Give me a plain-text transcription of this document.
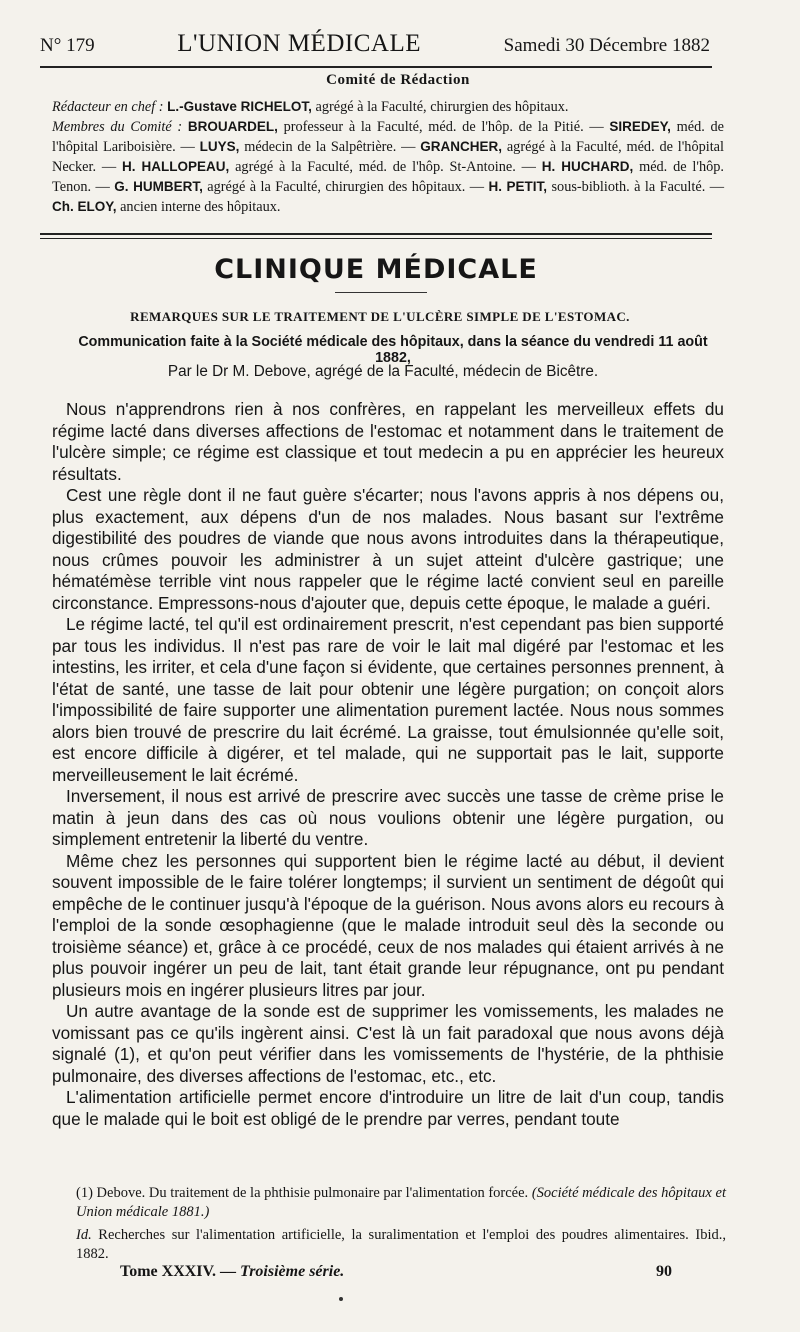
N° 179	L'UNION MÉDICALE	Samedi 30 Décembre 1882
Comité de Rédaction

Rédacteur en chef : L.-Gustave RICHELOT, agrégé à la Faculté, chirurgien des hôpitaux.

Membres du Comité : BROUARDEL, professeur à la Faculté, méd. de l'hôp. de la Pitié. — SIREDEY, méd. de l'hôpital Lariboisière. — LUYS, médecin de la Salpêtrière. — GRANCHER, agrégé à la Faculté, méd. de l'hôpital Necker. — H. HALLOPEAU, agrégé à la Faculté, méd. de l'hôp. St-Antoine. — H. HUCHARD, méd. de l'hôp. Tenon. — G. HUMBERT, agrégé à la Faculté, chirurgien des hôpitaux. — H. PETIT, sous-biblioth. à la Faculté. — Ch. ELOY, ancien interne des hôpitaux.

CLINIQUE MÉDICALE
REMARQUES SUR LE TRAITEMENT DE L'ULCÈRE SIMPLE DE L'ESTOMAC.
Communication faite à la Société médicale des hôpitaux, dans la séance du vendredi 11 août 1882,
Par le Dr M. Debove, agrégé de la Faculté, médecin de Bicêtre.

Nous n'apprendrons rien à nos confrères, en rappelant les merveilleux effets du régime lacté dans diverses affections de l'estomac et notamment dans le traitement de l'ulcère simple; ce régime est classique et tout medecin a pu en apprécier les heureux résultats.

Cest une règle dont il ne faut guère s'écarter; nous l'avons appris à nos dépens ou, plus exactement, aux dépens d'un de nos malades. Nous basant sur l'extrême digestibilité des poudres de viande que nous avons introduites dans la thérapeutique, nous crûmes pouvoir les administrer à un sujet atteint d'ulcère gastrique; une hématémèse terrible vint nous rappeler que le régime lacté convient seul en pareille circonstance. Empressons-nous d'ajouter que, depuis cette époque, le malade a guéri.

Le régime lacté, tel qu'il est ordinairement prescrit, n'est cependant pas bien supporté par tous les individus. Il n'est pas rare de voir le lait mal digéré par l'estomac et les intestins, les irriter, et cela d'une façon si évidente, que certaines personnes prennent, à l'état de santé, une tasse de lait pour obtenir une légère purgation; on conçoit alors l'impossibilité de faire supporter une alimentation purement lactée. Nous nous sommes alors bien trouvé de prescrire du lait écrémé. La graisse, tout émulsionnée qu'elle soit, est encore difficile à digérer, et tel malade, qui ne supportait pas le lait, supporte merveilleusement le lait écrémé.

Inversement, il nous est arrivé de prescrire avec succès une tasse de crème prise le matin à jeun dans des cas où nous voulions obtenir une légère purgation, ou simplement entretenir la liberté du ventre.

Même chez les personnes qui supportent bien le régime lacté au début, il devient souvent impossible de le faire tolérer longtemps; il survient un sentiment de dégoût qui empêche de le continuer jusqu'à l'époque de la guérison. Nous avons alors eu recours à l'emploi de la sonde œsophagienne (que le malade introduit seul dès la seconde ou troisième séance) et, grâce à ce procédé, ceux de nos malades qui étaient arrivés à ne plus pouvoir ingérer un peu de lait, tant était grande leur répugnance, ont pu pendant plusieurs mois en ingérer plusieurs litres par jour.

Un autre avantage de la sonde est de supprimer les vomissements, les malades ne vomissant pas ce qu'ils ingèrent ainsi. C'est là un fait paradoxal que nous avons déjà signalé (1), et qu'on peut vérifier dans les vomissements de l'hystérie, de la phthisie pulmonaire, des diverses affections de l'estomac, etc., etc.

L'alimentation artificielle permet encore d'introduire un litre de lait d'un coup, tandis que le malade qui le boit est obligé de le prendre par verres, pendant toute

(1) Debove. Du traitement de la phthisie pulmonaire par l'alimentation forcée. (Société médicale des hôpitaux et Union médicale 1881.)

Id. Recherches sur l'alimentation artificielle, la suralimentation et l'emploi des poudres alimentaires. Ibid., 1882.

Tome XXXIV. — Troisième série.	90
